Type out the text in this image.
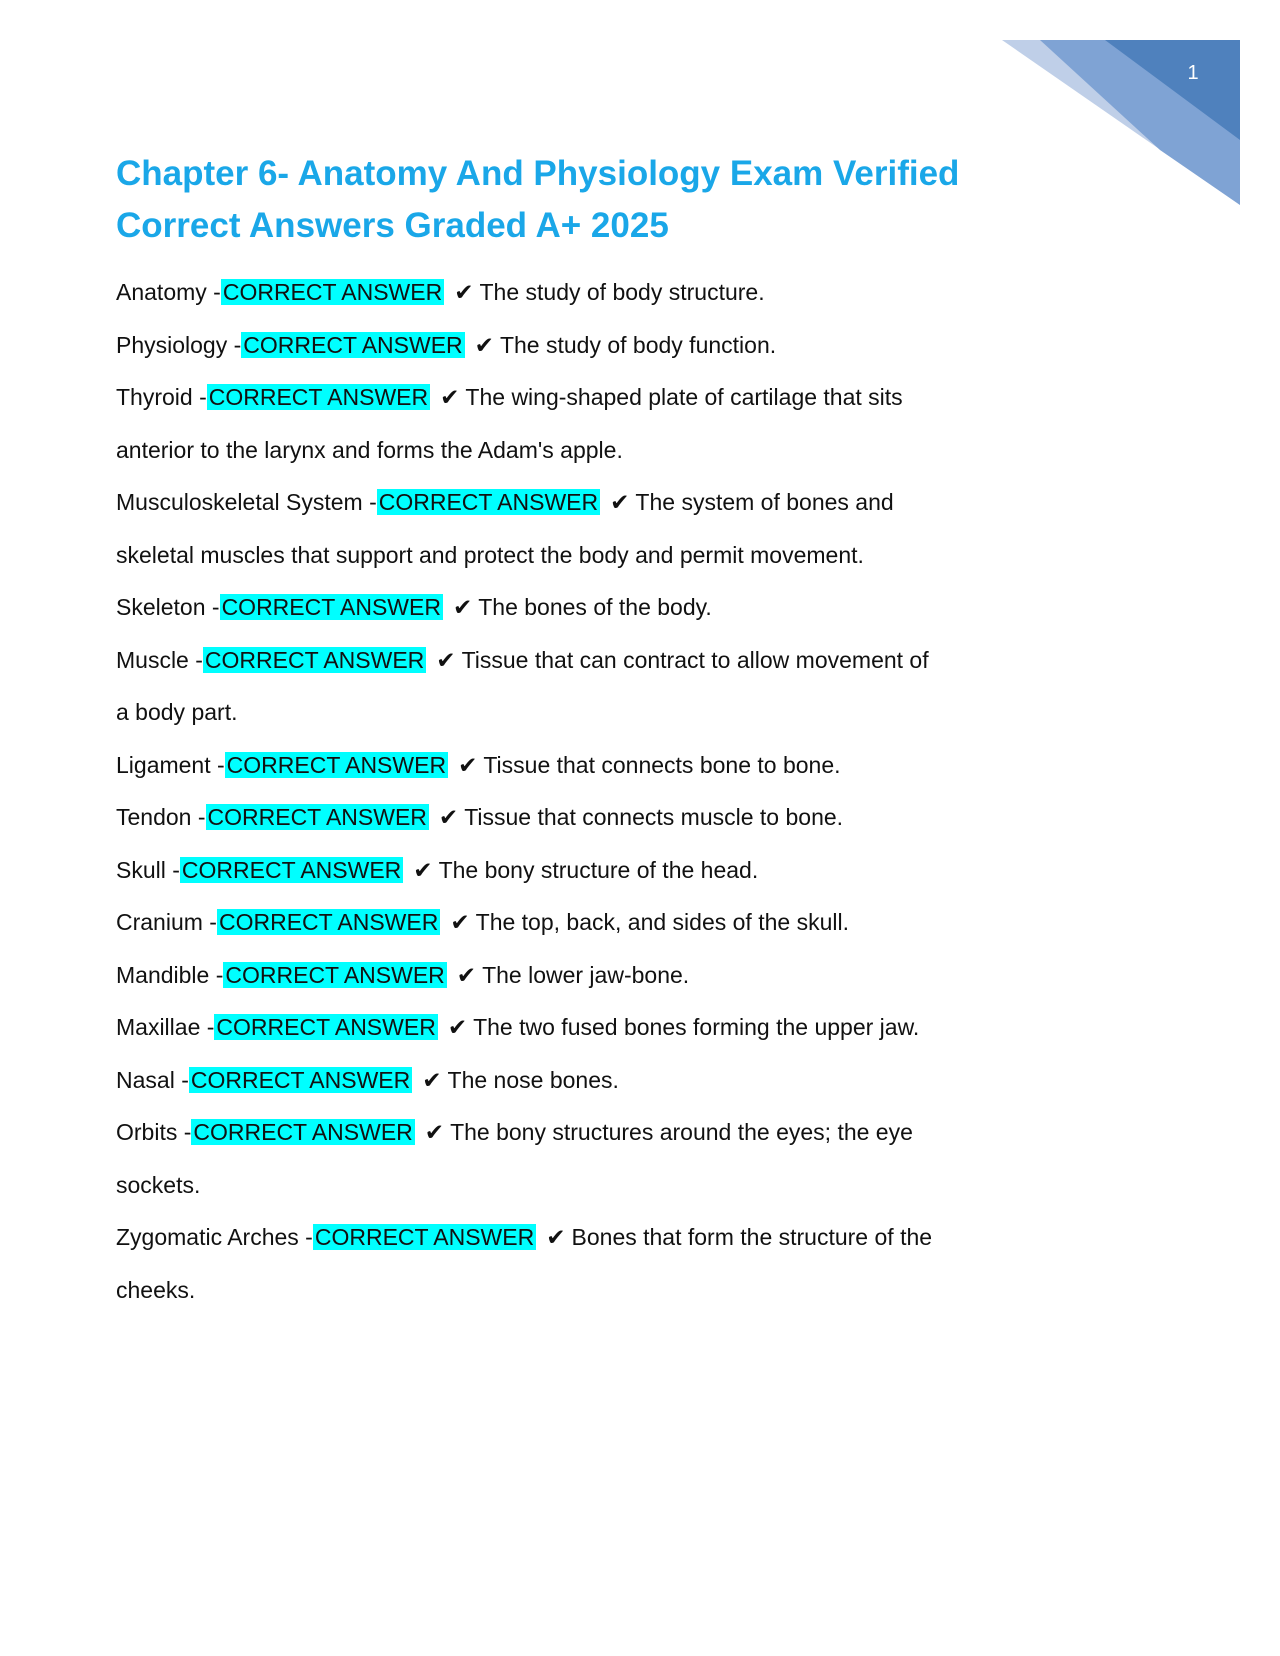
1
Chapter 6- Anatomy And Physiology Exam Verified Correct Answers Graded A+ 2025

Anatomy -CORRECT ANSWER ✔ The study of body structure.

Physiology -CORRECT ANSWER ✔ The study of body function.

Thyroid -CORRECT ANSWER ✔ The wing-shaped plate of cartilage that sits anterior to the larynx and forms the Adam's apple.

Musculoskeletal System -CORRECT ANSWER ✔ The system of bones and skeletal muscles that support and protect the body and permit movement.

Skeleton -CORRECT ANSWER ✔ The bones of the body.

Muscle -CORRECT ANSWER ✔ Tissue that can contract to allow movement of a body part.

Ligament -CORRECT ANSWER ✔ Tissue that connects bone to bone.

Tendon -CORRECT ANSWER ✔ Tissue that connects muscle to bone.

Skull -CORRECT ANSWER ✔ The bony structure of the head.

Cranium -CORRECT ANSWER ✔ The top, back, and sides of the skull.

Mandible -CORRECT ANSWER ✔ The lower jaw-bone.

Maxillae -CORRECT ANSWER ✔ The two fused bones forming the upper jaw.

Nasal -CORRECT ANSWER ✔ The nose bones.

Orbits -CORRECT ANSWER ✔ The bony structures around the eyes; the eye sockets.

Zygomatic Arches -CORRECT ANSWER ✔ Bones that form the structure of the cheeks.
